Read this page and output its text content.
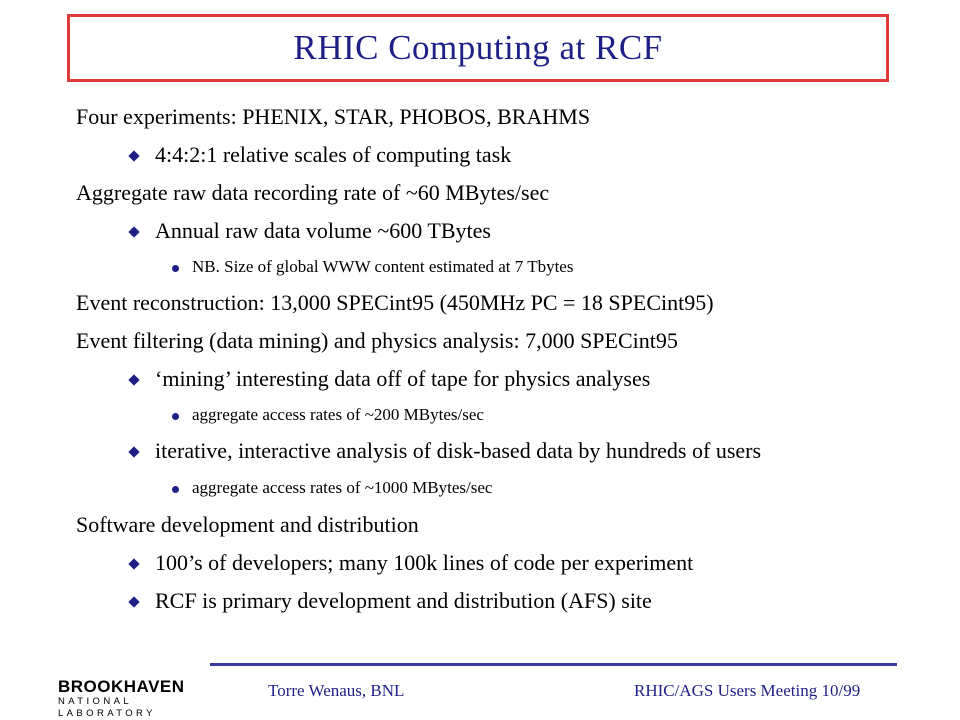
RHIC Computing at RCF
Four experiments: PHENIX, STAR, PHOBOS, BRAHMS
4:4:2:1 relative scales of computing task
Aggregate raw data recording rate of ~60 MBytes/sec
Annual raw data volume ~600 TBytes
NB. Size of global WWW content estimated at 7 Tbytes
Event reconstruction: 13,000 SPECint95 (450MHz PC = 18 SPECint95)
Event filtering (data mining) and physics analysis: 7,000 SPECint95
‘mining’ interesting data off of tape for physics analyses
aggregate access rates of ~200 MBytes/sec
iterative, interactive analysis of disk-based data by hundreds of users
aggregate access rates of ~1000 MBytes/sec
Software development and distribution
100’s of developers; many 100k lines of code per experiment
RCF is primary development and distribution (AFS) site
BROOKHAVEN
NATIONAL LABORATORY
Torre Wenaus, BNL	RHIC/AGS Users Meeting 10/99
